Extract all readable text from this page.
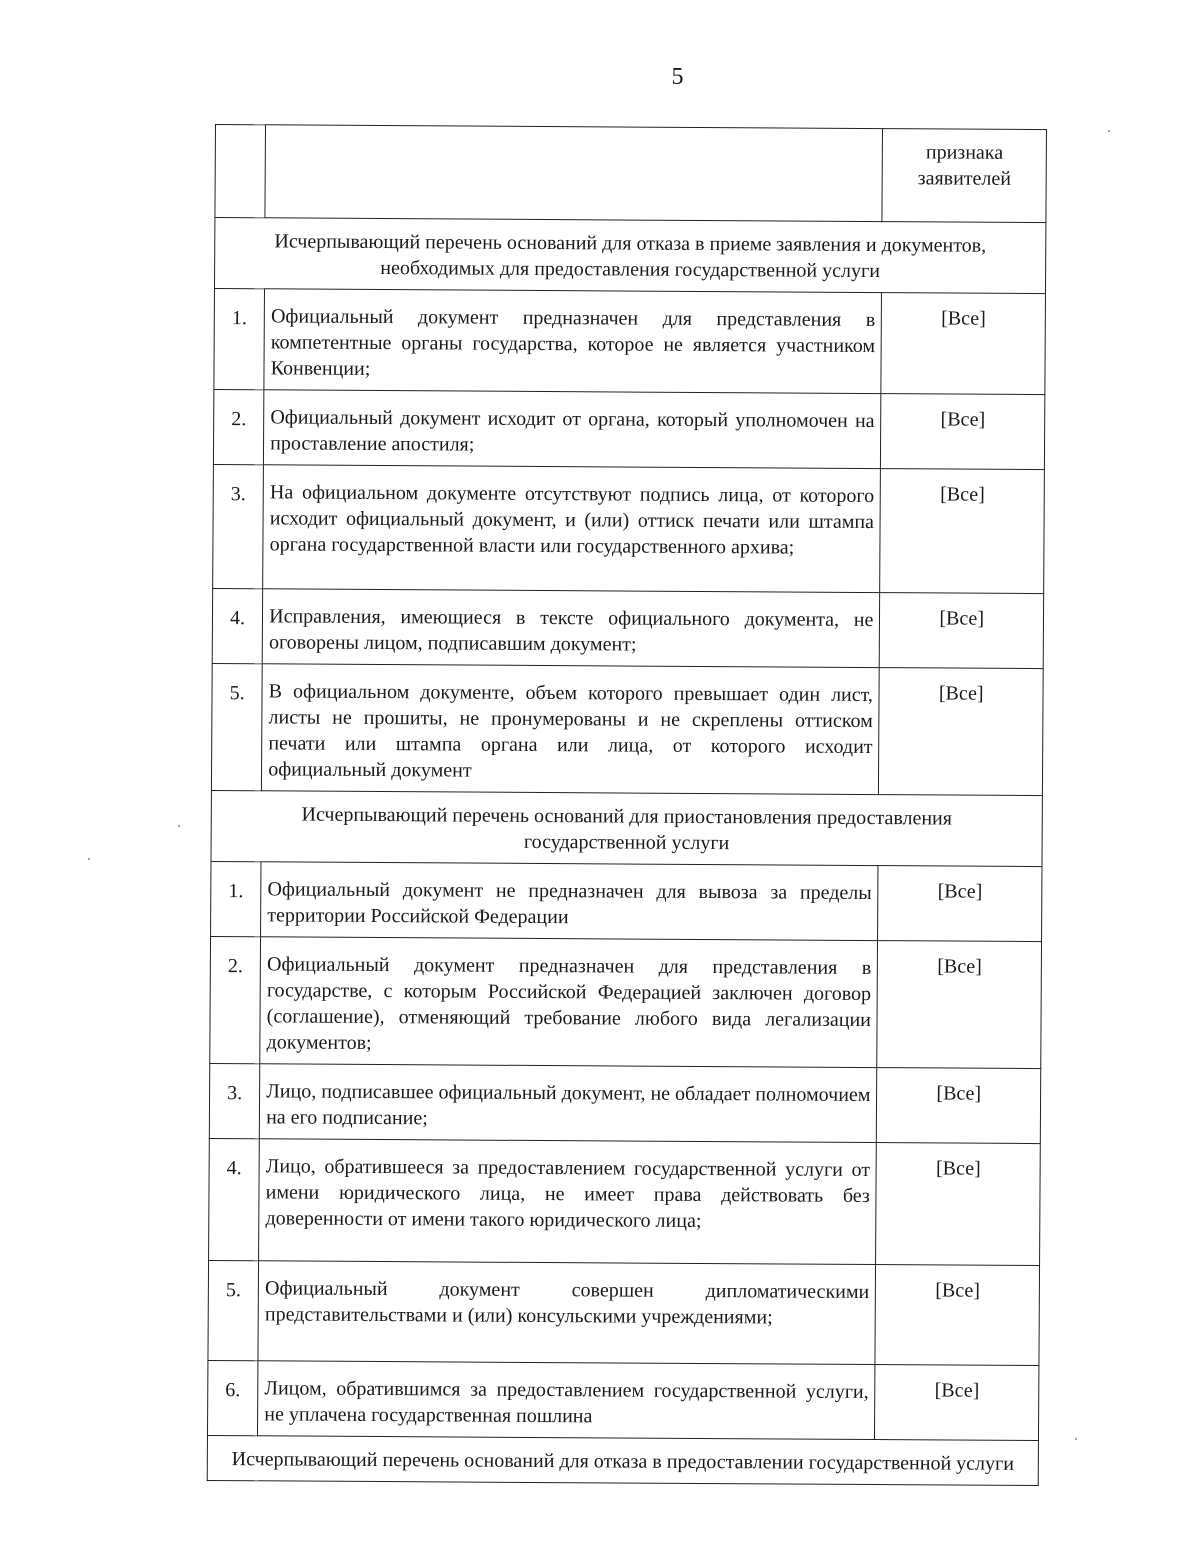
5
		признака заявителей
Исчерпывающий перечень оснований для отказа в приеме заявления и документов, необходимых для предоставления государственной услуги		
1.	Официальный документ предназначен для представления в компетентные органы государства, которое не является участником Конвенции;	[Все]
2.	Официальный документ исходит от органа, который уполномочен на проставление апостиля;	[Все]
3.	На официальном документе отсутствуют подпись лица, от которого исходит официальный документ, и (или) оттиск печати или штампа органа государственной власти или государственного архива;	[Все]
4.	Исправления, имеющиеся в тексте официального документа, не оговорены лицом, подписавшим документ;	[Все]
5.	В официальном документе, объем которого превышает один лист, листы не прошиты, не пронумерованы и не скреплены оттиском печати или штампа органа или лица, от которого исходит официальный документ	[Все]
Исчерпывающий перечень оснований для приостановления предоставления государственной услуги		
1.	Официальный документ не предназначен для вывоза за пределы территории Российской Федерации	[Все]
2.	Официальный документ предназначен для представления в государстве, с которым Российской Федерацией заключен договор (соглашение), отменяющий требование любого вида легализации документов;	[Все]
3.	Лицо, подписавшее официальный документ, не обладает полномочием на его подписание;	[Все]
4.	Лицо, обратившееся за предоставлением государственной услуги от имени юридического лица, не имеет права действовать без доверенности от имени такого юридического лица;	[Все]
5.	Официальный документ совершен дипломатическими представительствами и (или) консульскими учреждениями;	[Все]
6.	Лицом, обратившимся за предоставлением государственной услуги, не уплачена государственная пошлина	[Все]
Исчерпывающий перечень оснований для отказа в предоставлении государственной услуги		
